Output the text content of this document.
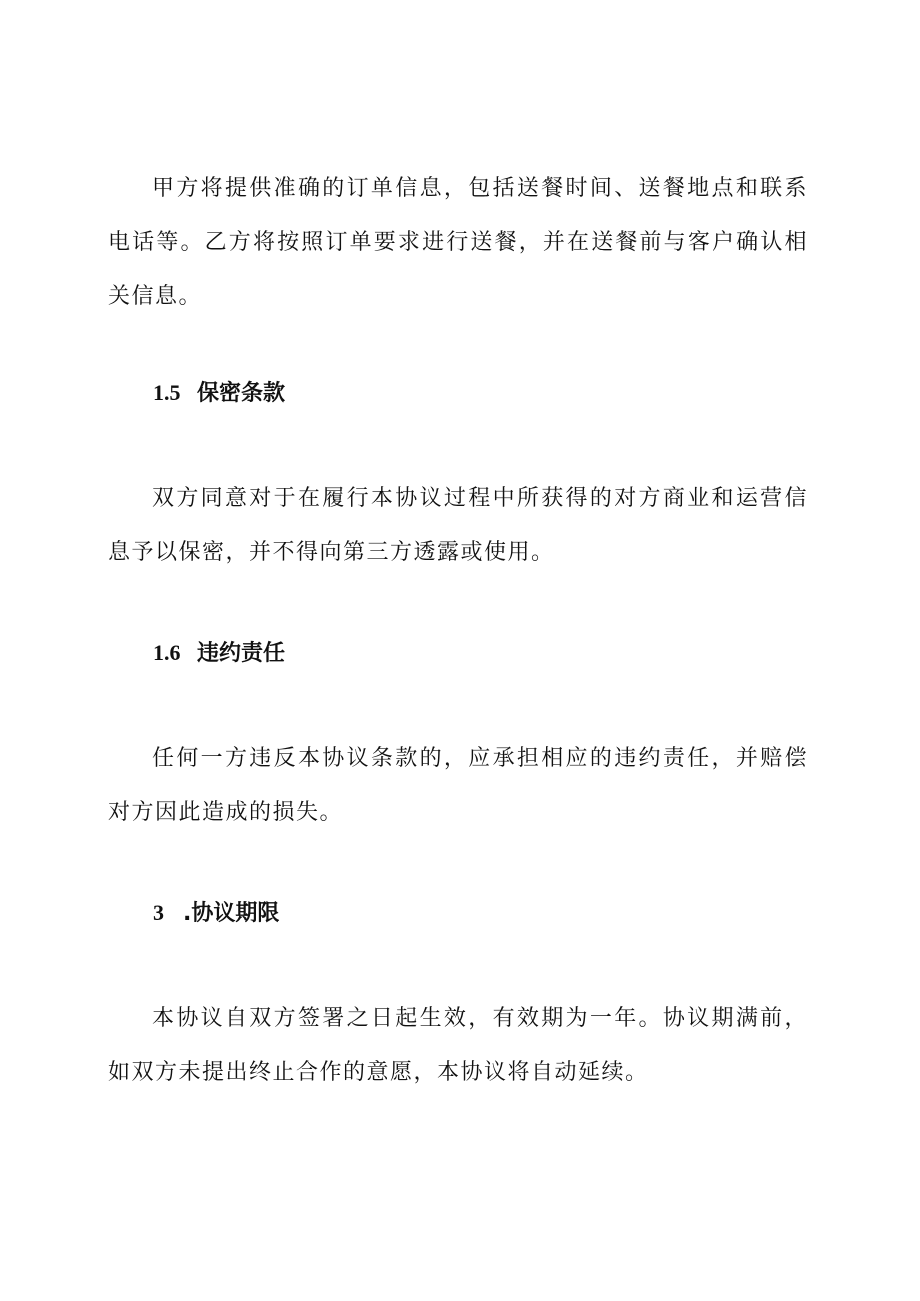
甲方将提供准确的订单信息，包括送餐时间、送餐地点和联系电话等。乙方将按照订单要求进行送餐，并在送餐前与客户确认相关信息。

1.5 保密条款

双方同意对于在履行本协议过程中所获得的对方商业和运营信息予以保密，并不得向第三方透露或使用。

1.6 违约责任

任何一方违反本协议条款的，应承担相应的违约责任，并赔偿对方因此造成的损失。

3 .协议期限

本协议自双方签署之日起生效，有效期为一年。协议期满前，如双方未提出终止合作的意愿，本协议将自动延续。
